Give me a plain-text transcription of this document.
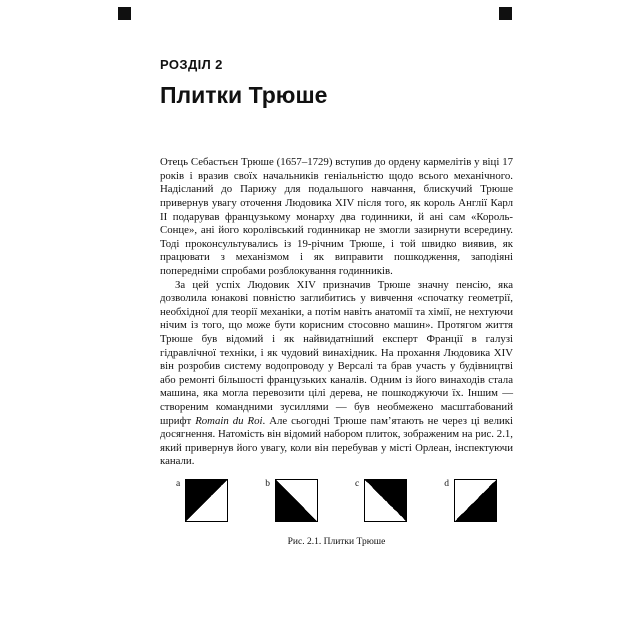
РОЗДІЛ 2
Плитки Трюше

Отець Себастьєн Трюше (1657–1729) вступив до ордену кармелітів у віці 17 років і вразив своїх начальників геніальністю щодо всього механічного. Надісланий до Парижу для подальшого навчання, блискучий Трюше привернув увагу оточення Людовика XIV після того, як король Англії Карл II подарував французькому монарху два годинники, й ані сам «Король-Сонце», ані його королівський годинникар не змогли зазирнути всередину. Тоді проконсультувались із 19-річним Трюше, і той швидко виявив, як працювати з механізмом і як виправити пошкодження, заподіяні попередніми спробами розблокування годинників.

За цей успіх Людовик XIV призначив Трюше значну пенсію, яка дозволила юнакові повністю заглибитись у вивчення «спочатку геометрії, необхідної для теорії механіки, а потім навіть анатомії та хімії, не нехтуючи нічим із того, що може бути корисним стосовно машин». Протягом життя Трюше був відомий і як найвидатніший експерт Франції в галузі гідравлічної техніки, і як чудовий винахідник. На прохання Людовика XIV він розробив систему водопроводу у Версалі та брав участь у будівництві або ремонті більшості французьких каналів. Одним із його винаходів стала машина, яка могла перевозити цілі дерева, не пошкоджуючи їх. Іншим — створеним командними зусиллями — був необмежено масштабований шрифт Romain du Roi. Але сьогодні Трюше пам’ятають не через ці великі досягнення. Натомість він відомий набором плиток, зображеним на рис. 2.1, який привернув його увагу, коли він перебував у місті Орлеан, інспектуючи канали.

a	b	c	d
Рис. 2.1. Плитки Трюше
